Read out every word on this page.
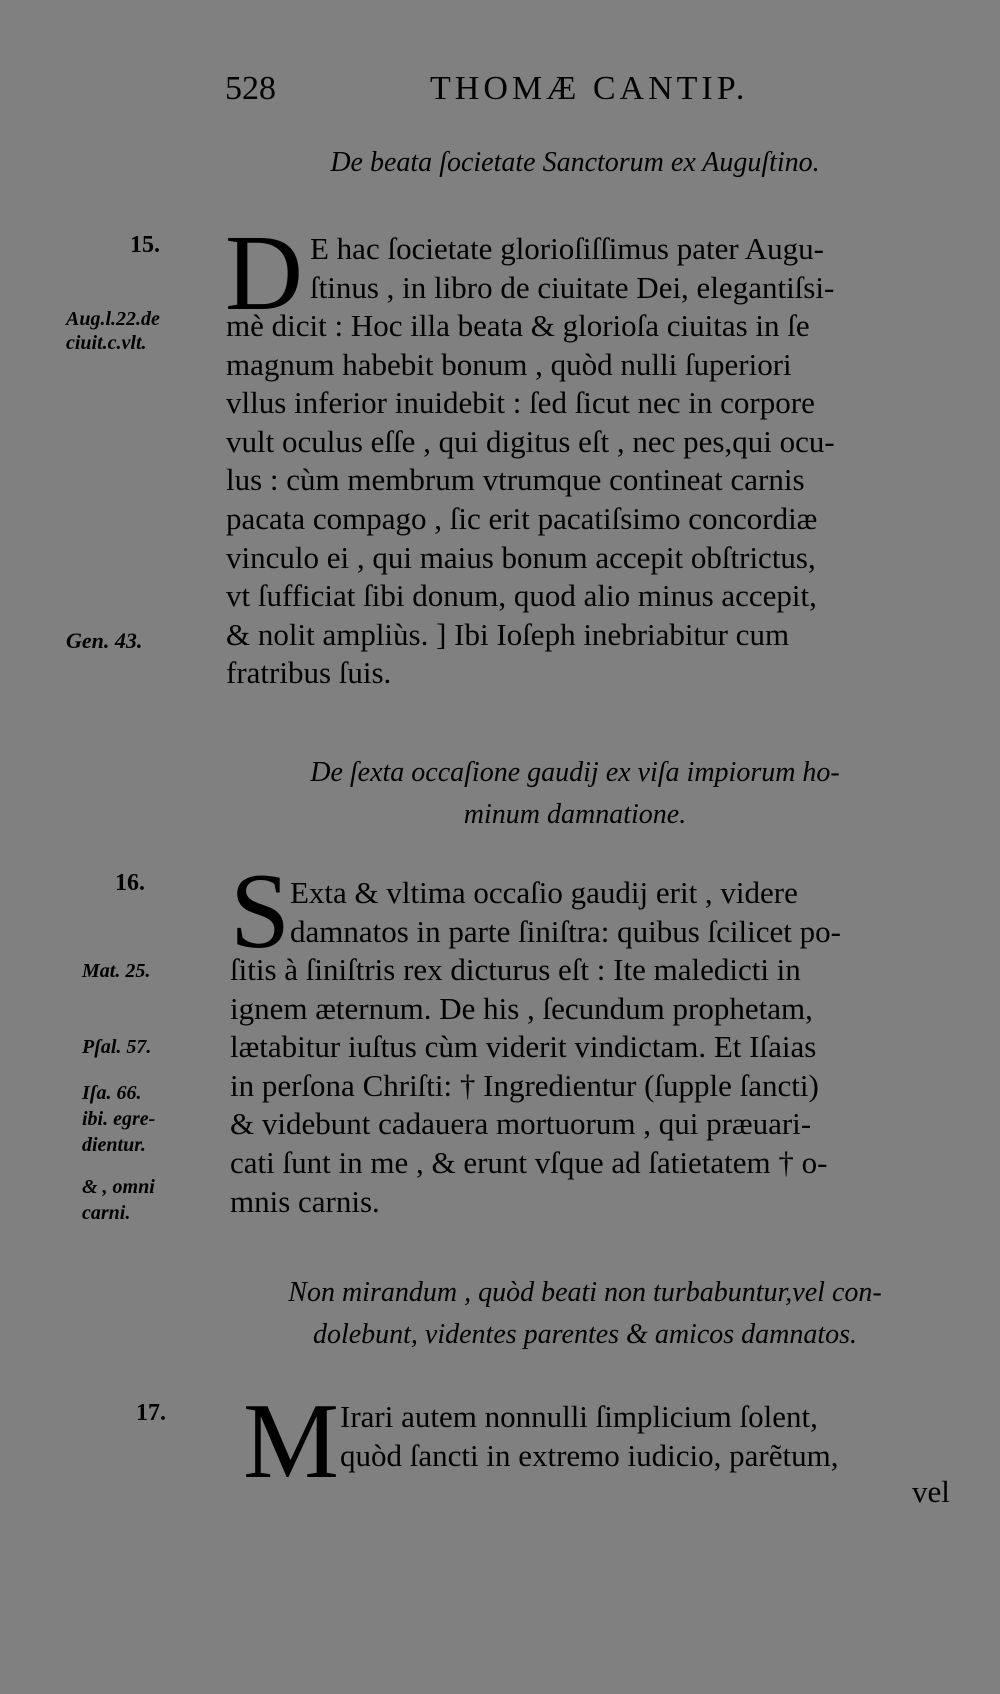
528	THOMÆ CANTIP.
De beata ſocietate Sanctorum ex Auguſtino.
15.
Aug.l.22.de
ciuit.c.vlt.
Gen. 43.
D E hac ſocietate glorioſiſſimus pater Augu-
ſtinus , in libro de ciuitate Dei, elegantiſsi-
mè dicit : Hoc illa beata & glorioſa ciuitas in ſe
magnum habebit bonum , quòd nulli ſuperiori
vllus inferior inuidebit : ſed ſicut nec in corpore
vult oculus eſſe , qui digitus eſt , nec pes,qui ocu-
lus : cùm membrum vtrumque contineat carnis
pacata compago , ſic erit pacatiſsimo concordiæ
vinculo ei , qui maius bonum accepit obſtrictus,
vt ſufficiat ſibi donum, quod alio minus accepit,
& nolit ampliùs. ] Ibi Ioſeph inebriabitur cum
fratribus ſuis.
De ſexta occaſione gaudij ex viſa impiorum ho-
minum damnatione.
16.
Mat. 25.
Pſal. 57.
Iſa. 66.
ibi. egre-
dientur.
& , omni
carni.
S Exta & vltima occaſio gaudij erit , videre
damnatos in parte ſiniſtra: quibus ſcilicet po-
ſitis à ſiniſtris rex dicturus eſt : Ite maledicti in
ignem æternum. De his , ſecundum prophetam,
lætabitur iuſtus cùm viderit vindictam. Et Iſaias
in perſona Chriſti: † Ingredientur (ſupple ſancti)
& videbunt cadauera mortuorum , qui præuari-
cati ſunt in me , & erunt vſque ad ſatietatem † o-
mnis carnis.
Non mirandum , quòd beati non turbabuntur,vel con-
dolebunt, videntes parentes & amicos damnatos.
17. M Irari autem nonnulli ſimplicium ſolent,
quòd ſancti in extremo iudicio, parẽtum,
vel
